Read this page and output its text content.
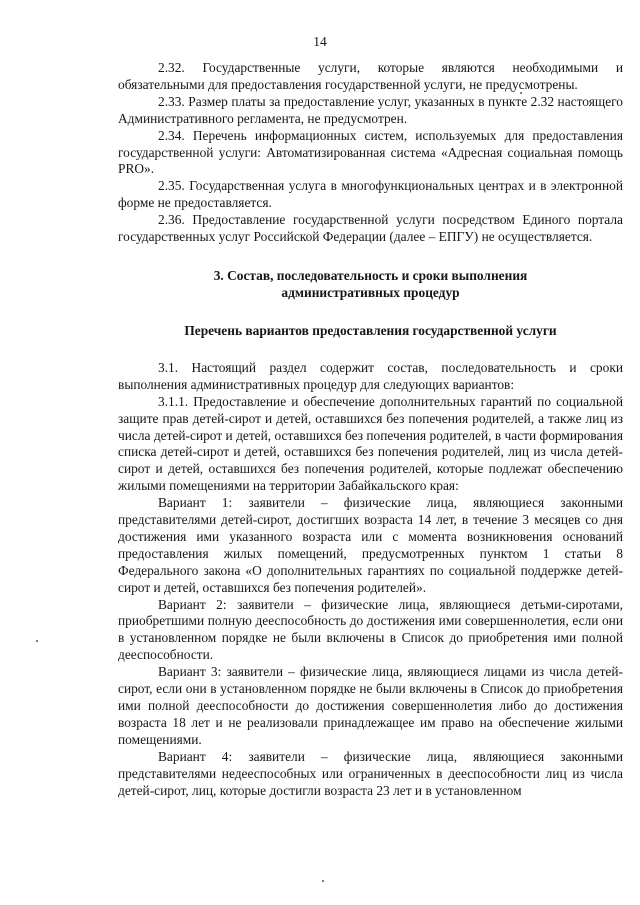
14

2.32. Государственные услуги, которые являются необходимыми и обязательными для предоставления государственной услуги, не предусмотрены.

2.33. Размер платы за предоставление услуг, указанных в пункте 2.32 настоящего Административного регламента, не предусмотрен.

2.34. Перечень информационных систем, используемых для предоставления государственной услуги: Автоматизированная система «Адресная социальная помощь PRO».

2.35. Государственная услуга в многофункциональных центрах и в электронной форме не предоставляется.

2.36. Предоставление государственной услуги посредством Единого портала государственных услуг Российской Федерации (далее – ЕПГУ) не осуществляется.

3. Состав, последовательность и сроки выполнения
административных процедур
Перечень вариантов предоставления государственной услуги

3.1. Настоящий раздел содержит состав, последовательность и сроки выполнения административных процедур для следующих вариантов:

3.1.1. Предоставление и обеспечение дополнительных гарантий по социальной защите прав детей-сирот и детей, оставшихся без попечения родителей, а также лиц из числа детей-сирот и детей, оставшихся без попечения родителей, в части формирования списка детей-сирот и детей, оставшихся без попечения родителей, лиц из числа детей-сирот и детей, оставшихся без попечения родителей, которые подлежат обеспечению жилыми помещениями на территории Забайкальского края:

Вариант 1: заявители – физические лица, являющиеся законными представителями детей-сирот, достигших возраста 14 лет, в течение 3 месяцев со дня достижения ими указанного возраста или с момента возникновения оснований предоставления жилых помещений, предусмотренных пунктом 1 статьи 8 Федерального закона «О дополнительных гарантиях по социальной поддержке детей-сирот и детей, оставшихся без попечения родителей».

Вариант 2: заявители – физические лица, являющиеся детьми-сиротами, приобретшими полную дееспособность до достижения ими совершеннолетия, если они в установленном порядке не были включены в Список до приобретения ими полной дееспособности.

Вариант 3: заявители – физические лица, являющиеся лицами из числа детей-сирот, если они в установленном порядке не были включены в Список до приобретения ими полной дееспособности до достижения совершеннолетия либо до достижения возраста 18 лет и не реализовали принадлежащее им право на обеспечение жилыми помещениями.

Вариант 4: заявители – физические лица, являющиеся законными представителями недееспособных или ограниченных в дееспособности лиц из числа детей-сирот, лиц, которые достигли возраста 23 лет и в установленном
